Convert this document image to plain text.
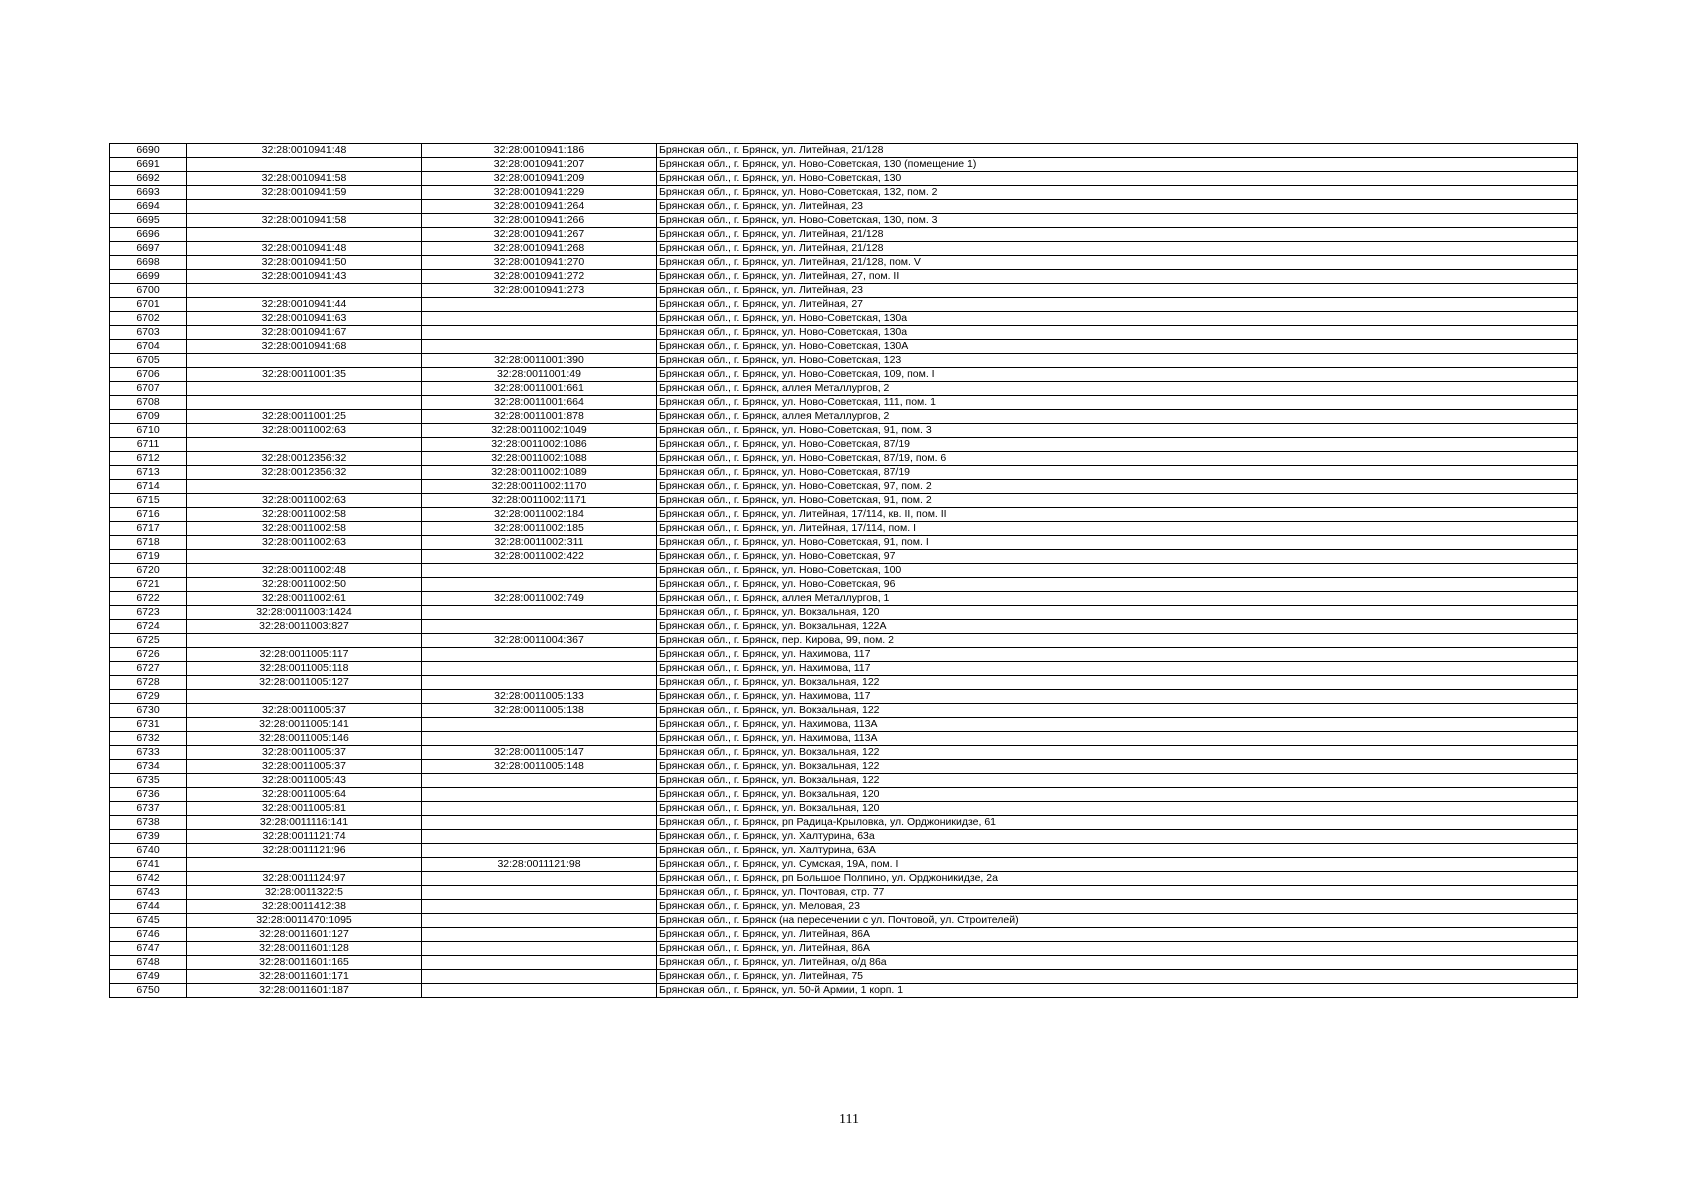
6690	32:28:0010941:48	32:28:0010941:186	Брянская обл., г. Брянск, ул. Литейная, 21/128
6691		32:28:0010941:207	Брянская обл., г. Брянск, ул. Ново-Советская, 130 (помещение 1)
6692	32:28:0010941:58	32:28:0010941:209	Брянская обл., г. Брянск, ул. Ново-Советская, 130
6693	32:28:0010941:59	32:28:0010941:229	Брянская обл., г. Брянск, ул. Ново-Советская, 132, пом. 2
6694		32:28:0010941:264	Брянская обл., г. Брянск, ул. Литейная, 23
6695	32:28:0010941:58	32:28:0010941:266	Брянская обл., г. Брянск, ул. Ново-Советская, 130, пом. 3
6696		32:28:0010941:267	Брянская обл., г. Брянск, ул. Литейная, 21/128
6697	32:28:0010941:48	32:28:0010941:268	Брянская обл., г. Брянск, ул. Литейная, 21/128
6698	32:28:0010941:50	32:28:0010941:270	Брянская обл., г. Брянск, ул. Литейная, 21/128, пом. V
6699	32:28:0010941:43	32:28:0010941:272	Брянская обл., г. Брянск, ул. Литейная, 27, пом. II
6700		32:28:0010941:273	Брянская обл., г. Брянск, ул. Литейная, 23
6701	32:28:0010941:44		Брянская обл., г. Брянск, ул. Литейная, 27
6702	32:28:0010941:63		Брянская обл., г. Брянск, ул. Ново-Советская, 130а
6703	32:28:0010941:67		Брянская обл., г. Брянск, ул. Ново-Советская, 130а
6704	32:28:0010941:68		Брянская обл., г. Брянск, ул. Ново-Советская, 130А
6705		32:28:0011001:390	Брянская обл., г. Брянск, ул. Ново-Советская, 123
6706	32:28:0011001:35	32:28:0011001:49	Брянская обл., г. Брянск, ул. Ново-Советская, 109, пом. I
6707		32:28:0011001:661	Брянская обл., г. Брянск, аллея Металлургов, 2
6708		32:28:0011001:664	Брянская обл., г. Брянск, ул. Ново-Советская, 111, пом. 1
6709	32:28:0011001:25	32:28:0011001:878	Брянская обл., г. Брянск, аллея Металлургов, 2
6710	32:28:0011002:63	32:28:0011002:1049	Брянская обл., г. Брянск, ул. Ново-Советская, 91, пом. 3
6711		32:28:0011002:1086	Брянская обл., г. Брянск, ул. Ново-Советская, 87/19
6712	32:28:0012356:32	32:28:0011002:1088	Брянская обл., г. Брянск, ул. Ново-Советская, 87/19, пом. 6
6713	32:28:0012356:32	32:28:0011002:1089	Брянская обл., г. Брянск, ул. Ново-Советская, 87/19
6714		32:28:0011002:1170	Брянская обл., г. Брянск, ул. Ново-Советская, 97, пом. 2
6715	32:28:0011002:63	32:28:0011002:1171	Брянская обл., г. Брянск, ул. Ново-Советская, 91, пом. 2
6716	32:28:0011002:58	32:28:0011002:184	Брянская обл., г. Брянск, ул. Литейная, 17/114, кв. II, пом. II
6717	32:28:0011002:58	32:28:0011002:185	Брянская обл., г. Брянск, ул. Литейная, 17/114, пом. I
6718	32:28:0011002:63	32:28:0011002:311	Брянская обл., г. Брянск, ул. Ново-Советская, 91, пом. I
6719		32:28:0011002:422	Брянская обл., г. Брянск, ул. Ново-Советская, 97
6720	32:28:0011002:48		Брянская обл., г. Брянск, ул. Ново-Советская, 100
6721	32:28:0011002:50		Брянская обл., г. Брянск, ул. Ново-Советская, 96
6722	32:28:0011002:61	32:28:0011002:749	Брянская обл., г. Брянск, аллея Металлургов, 1
6723	32:28:0011003:1424		Брянская обл., г. Брянск, ул. Вокзальная, 120
6724	32:28:0011003:827		Брянская обл., г. Брянск, ул. Вокзальная, 122А
6725		32:28:0011004:367	Брянская обл., г. Брянск, пер. Кирова, 99, пом. 2
6726	32:28:0011005:117		Брянская обл., г. Брянск, ул. Нахимова, 117
6727	32:28:0011005:118		Брянская обл., г. Брянск, ул. Нахимова, 117
6728	32:28:0011005:127		Брянская обл., г. Брянск, ул. Вокзальная, 122
6729		32:28:0011005:133	Брянская обл., г. Брянск, ул. Нахимова, 117
6730	32:28:0011005:37	32:28:0011005:138	Брянская обл., г. Брянск, ул. Вокзальная, 122
6731	32:28:0011005:141		Брянская обл., г. Брянск, ул. Нахимова, 113А
6732	32:28:0011005:146		Брянская обл., г. Брянск, ул. Нахимова, 113А
6733	32:28:0011005:37	32:28:0011005:147	Брянская обл., г. Брянск, ул. Вокзальная, 122
6734	32:28:0011005:37	32:28:0011005:148	Брянская обл., г. Брянск, ул. Вокзальная, 122
6735	32:28:0011005:43		Брянская обл., г. Брянск, ул. Вокзальная, 122
6736	32:28:0011005:64		Брянская обл., г. Брянск, ул. Вокзальная, 120
6737	32:28:0011005:81		Брянская обл., г. Брянск, ул. Вокзальная, 120
6738	32:28:0011116:141		Брянская обл., г. Брянск, рп Радица-Крыловка, ул. Орджоникидзе, 61
6739	32:28:0011121:74		Брянская обл., г. Брянск, ул. Халтурина, 63а
6740	32:28:0011121:96		Брянская обл., г. Брянск, ул. Халтурина, 63А
6741		32:28:0011121:98	Брянская обл., г. Брянск, ул. Сумская, 19А, пом. I
6742	32:28:0011124:97		Брянская обл., г. Брянск, рп Большое Полпино, ул. Орджоникидзе, 2а
6743	32:28:0011322:5		Брянская обл., г. Брянск, ул. Почтовая, стр. 77
6744	32:28:0011412:38		Брянская обл., г. Брянск, ул. Меловая, 23
6745	32:28:0011470:1095		Брянская обл., г. Брянск (на пересечении с ул. Почтовой, ул. Строителей)
6746	32:28:0011601:127		Брянская обл., г. Брянск, ул. Литейная, 86А
6747	32:28:0011601:128		Брянская обл., г. Брянск, ул. Литейная, 86А
6748	32:28:0011601:165		Брянская обл., г. Брянск, ул. Литейная, о/д 86а
6749	32:28:0011601:171		Брянская обл., г. Брянск, ул. Литейная, 75
6750	32:28:0011601:187		Брянская обл., г. Брянск, ул. 50-й Армии, 1 корп. 1
111
